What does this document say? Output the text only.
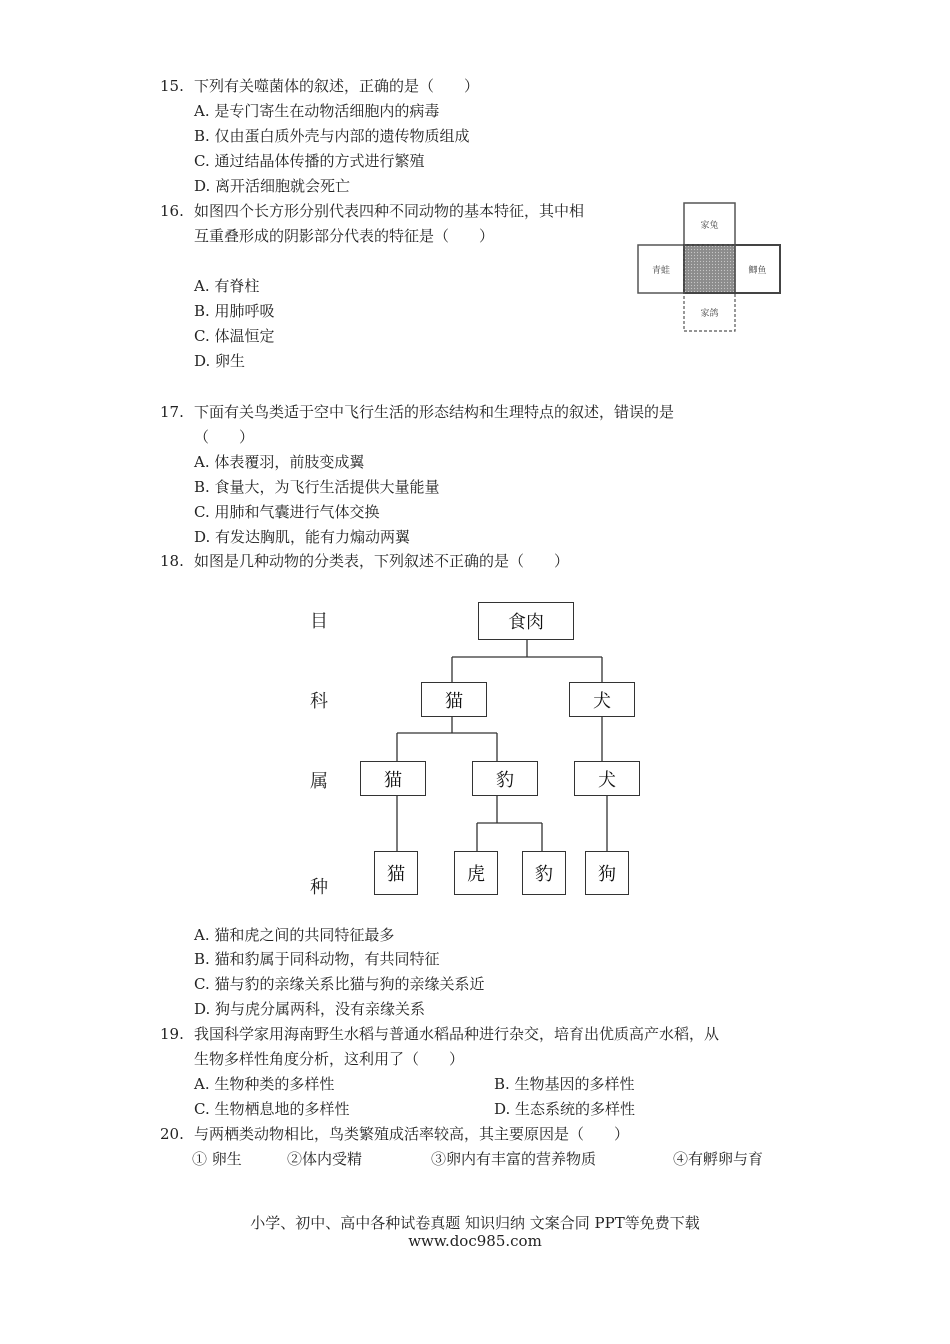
15. 下列有关噬菌体的叙述，正确的是（　　）
A. 是专门寄生在动物活细胞内的病毒
B. 仅由蛋白质外壳与内部的遗传物质组成
C. 通过结晶体传播的方式进行繁殖
D. 离开活细胞就会死亡
16. 如图四个长方形分别代表四种不同动物的基本特征，其中相
互重叠形成的阴影部分代表的特征是（　　）
A. 有脊柱
B. 用肺呼吸
C. 体温恒定
D. 卵生
家兔
青蛙	鲫鱼
家鸽
17. 下面有关鸟类适于空中飞行生活的形态结构和生理特点的叙述，错误的是
（　　）
A. 体表覆羽，前肢变成翼
B. 食量大，为飞行生活提供大量能量
C. 用肺和气囊进行气体交换
D. 有发达胸肌，能有力煽动两翼
18. 如图是几种动物的分类表，下列叙述不正确的是（　　）
目
科
属
种
食肉
猫	犬
猫	豹	犬
猫	虎	豹	狗
A. 猫和虎之间的共同特征最多
B. 猫和豹属于同科动物，有共同特征
C. 猫与豹的亲缘关系比猫与狗的亲缘关系近
D. 狗与虎分属两科，没有亲缘关系
19. 我国科学家用海南野生水稻与普通水稻品种进行杂交，培育出优质高产水稻，从
生物多样性角度分析，这利用了（　　）
A. 生物种类的多样性	B. 生物基因的多样性
C. 生物栖息地的多样性	D. 生态系统的多样性
20. 与两栖类动物相比，鸟类繁殖成活率较高，其主要原因是（　　）
① 卵生	②体内受精	③卵内有丰富的营养物质	④有孵卵与育
小学、初中、高中各种试卷真题 知识归纳 文案合同 PPT等免费下载
www.doc985.com
